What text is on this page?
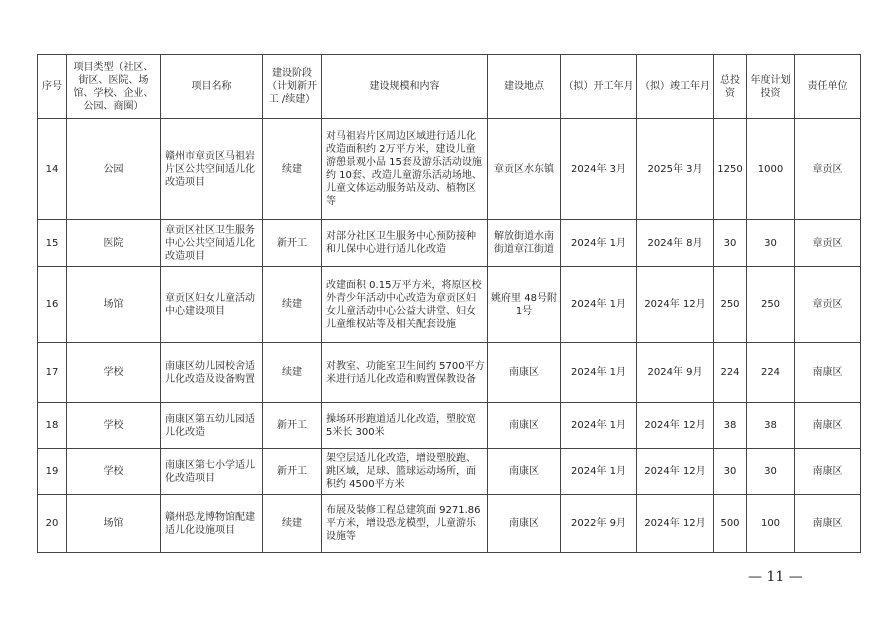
序号	项目类型（社区、街区、医院、场馆、学校、企业、公园、商圈）	项目名称	建设阶段（计划新开工 /续建）	建设规模和内容	建设地点	（拟）开工年月	（拟）竣工年月	总投资	年度计划投资	责任单位
14	公园	赣州市章贡区马祖岩片区公共空间适儿化改造项目	续建	对马祖岩片区周边区域进行适儿化改造面积约 2万平方米，建设儿童游憩景观小品 15套及游乐活动设施约 10套、改造儿童游乐活动场地、儿童文体运动服务站及动、植物区等	章贡区水东镇	2024年 3月	2025年 3月	1250	1000	章贡区
15	医院	章贡区社区卫生服务中心公共空间适儿化改造项目	新开工	对部分社区卫生服务中心预防接种和儿保中心进行适儿化改造	解放街道水南街道章江街道	2024年 1月	2024年 8月	30	30	章贡区
16	场馆	章贡区妇女儿童活动中心建设项目	续建	改建面积 0.15万平方米，将原区校外青少年活动中心改造为章贡区妇女儿童活动中心公益大讲堂、妇女儿童维权站等及相关配套设施	姚府里 48号附 1号	2024年 1月	2024年 12月	250	250	章贡区
17	学校	南康区幼儿园校舍适儿化改造及设备购置	续建	对教室、功能室卫生间约 5700平方米进行适儿化改造和购置保教设备	南康区	2024年 1月	2024年 9月	224	224	南康区
18	学校	南康区第五幼儿园适儿化改造	新开工	操场环形跑道适儿化改造，塑胶宽 5米长 300米	南康区	2024年 1月	2024年 12月	38	38	南康区
19	学校	南康区第七小学适儿化改造项目	新开工	架空层适儿化改造，增设塑胶跑、跳区域，足球、篮球运动场所，面积约 4500平方米	南康区	2024年 1月	2024年 12月	30	30	南康区
20	场馆	赣州恐龙博物馆配建适儿化设施项目	续建	布展及装修工程总建筑面 9271.86平方米，增设恐龙模型，儿童游乐设施等	南康区	2022年 9月	2024年 12月	500	100	南康区
— 11 —
